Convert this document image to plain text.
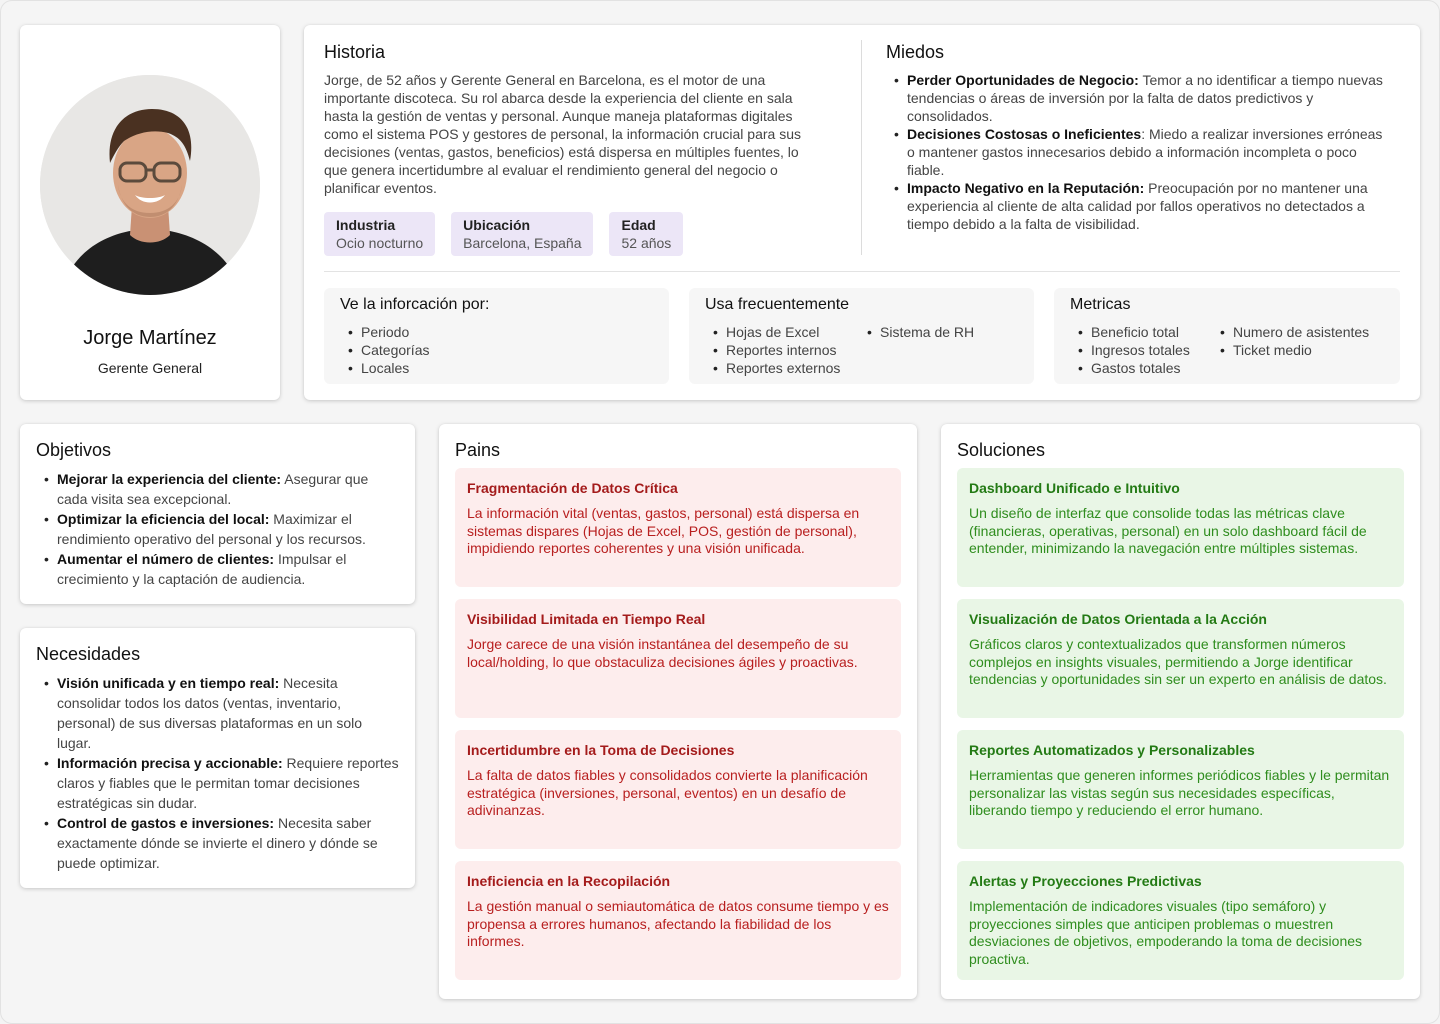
Jorge Martínez
Gerente General
Historia

Jorge, de 52 años y Gerente General en Barcelona, es el motor de una importante discoteca. Su rol abarca desde la experiencia del cliente en sala hasta la gestión de ventas y personal. Aunque maneja plataformas digitales como el sistema POS y gestores de personal, la información crucial para sus decisiones (ventas, gastos, beneficios) está dispersa en múltiples fuentes, lo que genera incertidumbre al evaluar el rendimiento general del negocio o planificar eventos.

Industria
Ocio nocturno
Ubicación
Barcelona, España
Edad
52 años
Miedos
• Perder Oportunidades de Negocio: Temor a no identificar a tiempo nuevas tendencias o áreas de inversión por la falta de datos predictivos y consolidados.
• Decisiones Costosas o Ineficientes: Miedo a realizar inversiones erróneas o mantener gastos innecesarios debido a información incompleta o poco fiable.
• Impacto Negativo en la Reputación: Preocupación por no mantener una experiencia al cliente de alta calidad por fallos operativos no detectados a tiempo debido a la falta de visibilidad.
Ve la inforcación por:
• Periodo
• Categorías
• Locales
Usa frecuentemente
• Hojas de Excel
• Reportes internos
• Reportes externos
• Sistema de RH
Metricas
• Beneficio total
• Ingresos totales
• Gastos totales
• Numero de asistentes
• Ticket medio
Objetivos
• Mejorar la experiencia del cliente: Asegurar que cada visita sea excepcional.
• Optimizar la eficiencia del local: Maximizar el rendimiento operativo del personal y los recursos.
• Aumentar el número de clientes: Impulsar el crecimiento y la captación de audiencia.
Necesidades
• Visión unificada y en tiempo real: Necesita consolidar todos los datos (ventas, inventario, personal) de sus diversas plataformas en un solo lugar.
• Información precisa y accionable: Requiere reportes claros y fiables que le permitan tomar decisiones estratégicas sin dudar.
• Control de gastos e inversiones: Necesita saber exactamente dónde se invierte el dinero y dónde se puede optimizar.
Pains
Fragmentación de Datos Crítica
La información vital (ventas, gastos, personal) está dispersa en sistemas dispares (Hojas de Excel, POS, gestión de personal), impidiendo reportes coherentes y una visión unificada.
Visibilidad Limitada en Tiempo Real
Jorge carece de una visión instantánea del desempeño de su local/holding, lo que obstaculiza decisiones ágiles y proactivas.
Incertidumbre en la Toma de Decisiones
La falta de datos fiables y consolidados convierte la planificación estratégica (inversiones, personal, eventos) en un desafío de adivinanzas.
Ineficiencia en la Recopilación
La gestión manual o semiautomática de datos consume tiempo y es propensa a errores humanos, afectando la fiabilidad de los informes.
Soluciones
Dashboard Unificado e Intuitivo
Un diseño de interfaz que consolide todas las métricas clave (financieras, operativas, personal) en un solo dashboard fácil de entender, minimizando la navegación entre múltiples sistemas.
Visualización de Datos Orientada a la Acción
Gráficos claros y contextualizados que transformen números complejos en insights visuales, permitiendo a Jorge identificar tendencias y oportunidades sin ser un experto en análisis de datos.
Reportes Automatizados y Personalizables
Herramientas que generen informes periódicos fiables y le permitan personalizar las vistas según sus necesidades específicas, liberando tiempo y reduciendo el error humano.
Alertas y Proyecciones Predictivas
Implementación de indicadores visuales (tipo semáforo) y proyecciones simples que anticipen problemas o muestren desviaciones de objetivos, empoderando la toma de decisiones proactiva.
